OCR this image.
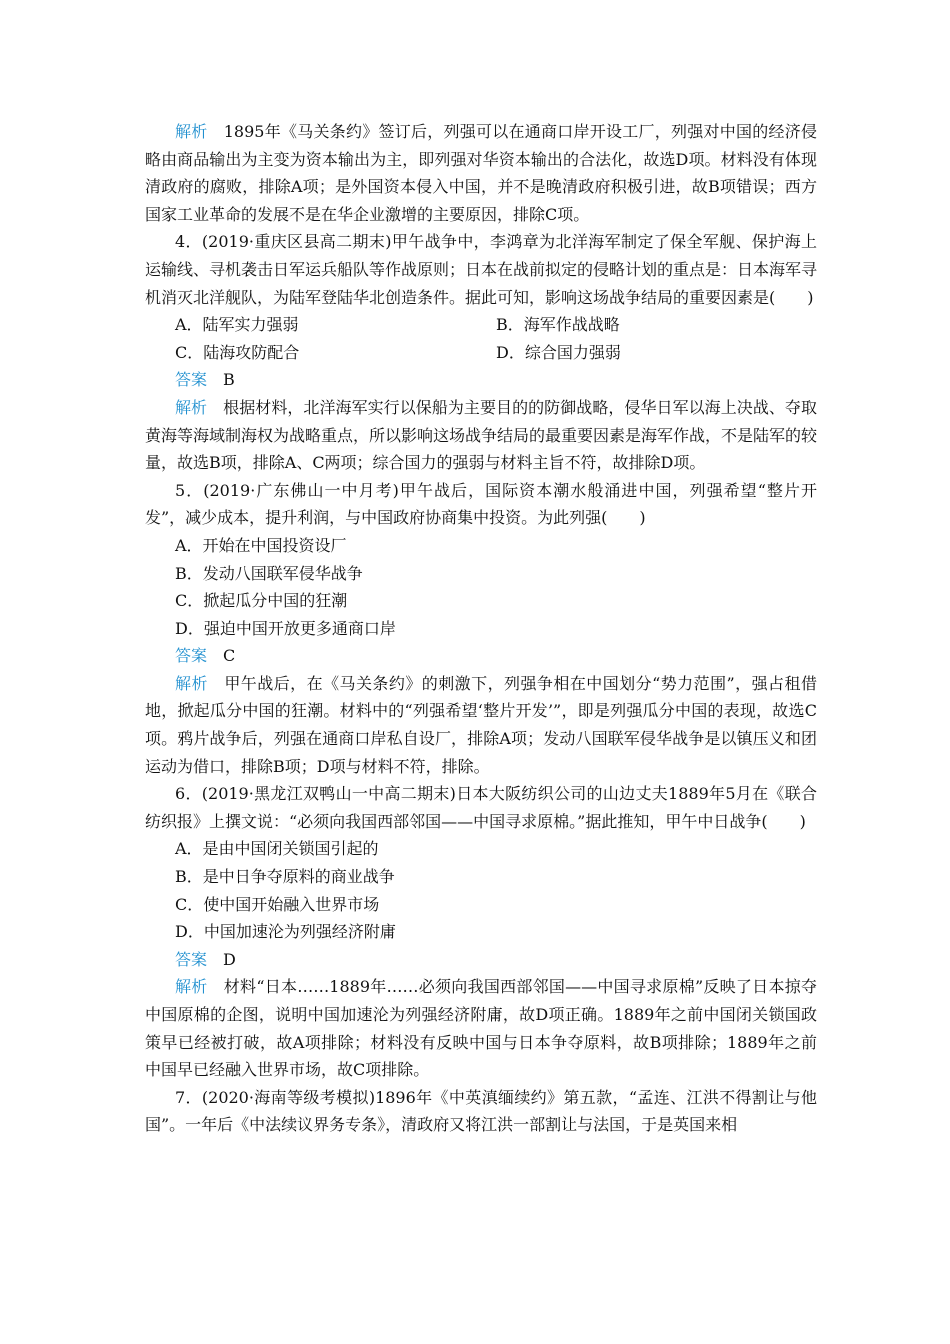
解析　 1895年《马关条约》签订后，列强可以在通商口岸开设工厂，列强对中国的经济侵略由商品输出为主变为资本输出为主，即列强对华资本输出的合法化，故选D项。材料没有体现清政府的腐败，排除A项；是外国资本侵入中国，并不是晚清政府积极引进，故B项错误；西方国家工业革命的发展不是在华企业激增的主要原因，排除C项。

4．(2019·重庆区县高二期末)甲午战争中，李鸿章为北洋海军制定了保全军舰、保护海上运输线、寻机袭击日军运兵船队等作战原则；日本在战前拟定的侵略计划的重点是：日本海军寻机消灭北洋舰队，为陆军登陆华北创造条件。据此可知，影响这场战争结局的重要因素是(　　)

A．陆军实力强弱	B．海军作战战略
C．陆海攻防配合	D．综合国力强弱

答案　 B

解析　 根据材料，北洋海军实行以保船为主要目的的防御战略，侵华日军以海上决战、夺取黄海等海域制海权为战略重点，所以影响这场战争结局的最重要因素是海军作战，不是陆军的较量，故选B项，排除A、C两项；综合国力的强弱与材料主旨不符，故排除D项。

5．(2019·广东佛山一中月考)甲午战后，国际资本潮水般涌进中国，列强希望“整片开发”，减少成本，提升利润，与中国政府协商集中投资。为此列强(　　)

A．开始在中国投资设厂

B．发动八国联军侵华战争

C．掀起瓜分中国的狂潮

D．强迫中国开放更多通商口岸

答案　 C

解析　 甲午战后，在《马关条约》的刺激下，列强争相在中国划分“势力范围”，强占租借地，掀起瓜分中国的狂潮。材料中的“列强希望‘整片开发’”，即是列强瓜分中国的表现，故选C项。鸦片战争后，列强在通商口岸私自设厂，排除A项；发动八国联军侵华战争是以镇压义和团运动为借口，排除B项；D项与材料不符，排除。

6．(2019·黑龙江双鸭山一中高二期末)日本大阪纺织公司的山边丈夫1889年5月在《联合纺织报》上撰文说：“必须向我国西部邻国——中国寻求原棉。”据此推知，甲午中日战争(　　)

A．是由中国闭关锁国引起的

B．是中日争夺原料的商业战争

C．使中国开始融入世界市场

D．中国加速沦为列强经济附庸

答案　 D

解析　 材料“日本……1889年……必须向我国西部邻国——中国寻求原棉”反映了日本掠夺中国原棉的企图，说明中国加速沦为列强经济附庸，故D项正确。1889年之前中国闭关锁国政策早已经被打破，故A项排除；材料没有反映中国与日本争夺原料，故B项排除；1889年之前中国早已经融入世界市场，故C项排除。

7．(2020·海南等级考模拟)1896年《中英滇缅续约》第五款，“孟连、江洪不得割让与他国”。一年后《中法续议界务专条》，清政府又将江洪一部割让与法国，于是英国来相
